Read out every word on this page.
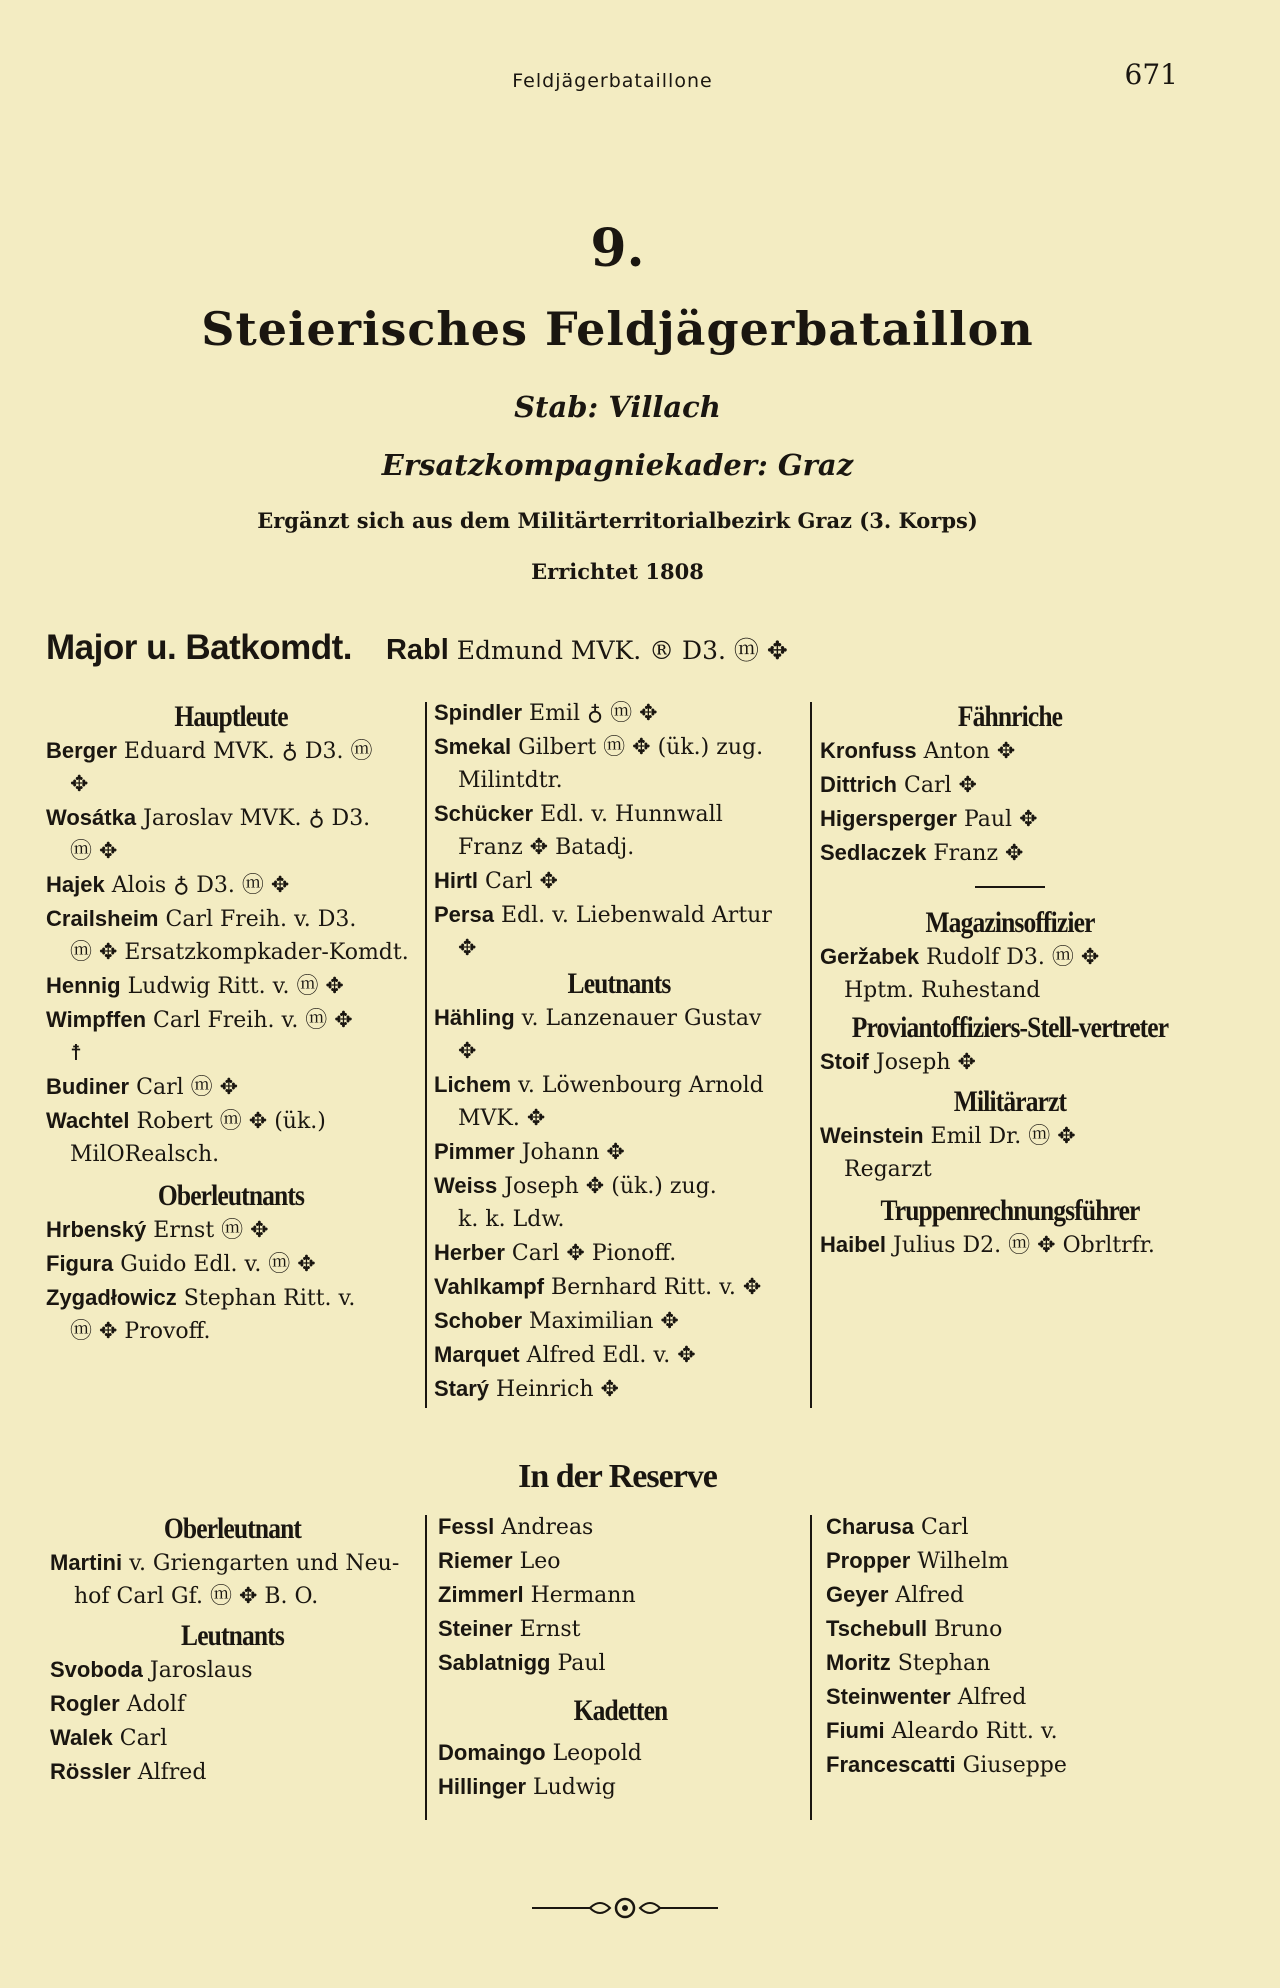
Feldjägerbataillone	671
9.
Steierisches Feldjägerbataillon
Stab: Villach
Ersatzkompagniekader: Graz
Ergänzt sich aus dem Militärterritorialbezirk Graz (3. Korps)
Errichtet 1808
Major u. Batkomdt. Rabl Edmund MVK. ® D3. ⓜ ✥
Hauptleute
Berger Eduard MVK. ♁ D3. ⓜ
✥
Wosátka Jaroslav MVK. ♁ D3.
ⓜ ✥
Hajek Alois ♁ D3. ⓜ ✥
Crailsheim Carl Freih. v. D3.
ⓜ ✥ Ersatzkompkader-Komdt.
Hennig Ludwig Ritt. v. ⓜ ✥
Wimpffen Carl Freih. v. ⓜ ✥
☨
Budiner Carl ⓜ ✥
Wachtel Robert ⓜ ✥ (ük.)
MilORealsch.
Oberleutnants
Hrbenský Ernst ⓜ ✥
Figura Guido Edl. v. ⓜ ✥
Zygadłowicz Stephan Ritt. v.
ⓜ ✥ Provoff.
Spindler Emil ♁ ⓜ ✥
Smekal Gilbert ⓜ ✥ (ük.) zug.
Milintdtr.
Schücker Edl. v. Hunnwall
Franz ✥ Batadj.
Hirtl Carl ✥
Persa Edl. v. Liebenwald Artur
✥
Leutnants
Hähling v. Lanzenauer Gustav
✥
Lichem v. Löwenbourg Arnold
MVK. ✥
Pimmer Johann ✥
Weiss Joseph ✥ (ük.) zug.
k. k. Ldw.
Herber Carl ✥ Pionoff.
Vahlkampf Bernhard Ritt. v. ✥
Schober Maximilian ✥
Marquet Alfred Edl. v. ✥
Starý Heinrich ✥
Fähnriche
Kronfuss Anton ✥
Dittrich Carl ✥
Higersperger Paul ✥
Sedlaczek Franz ✥
Magazinsoffizier
Geržabek Rudolf D3. ⓜ ✥
Hptm. Ruhestand
Proviantoffiziers-Stell-vertreter
Stoif Joseph ✥
Militärarzt
Weinstein Emil Dr. ⓜ ✥
Regarzt
Truppenrechnungsführer
Haibel Julius D2. ⓜ ✥ Obrltrfr.
In der Reserve
Oberleutnant
Martini v. Griengarten und Neu-
hof Carl Gf. ⓜ ✥ B. O.
Leutnants
Svoboda Jaroslaus
Rogler Adolf
Walek Carl
Rössler Alfred
Fessl Andreas
Riemer Leo
Zimmerl Hermann
Steiner Ernst
Sablatnigg Paul
Kadetten
Domaingo Leopold
Hillinger Ludwig
Charusa Carl
Propper Wilhelm
Geyer Alfred
Tschebull Bruno
Moritz Stephan
Steinwenter Alfred
Fiumi Aleardo Ritt. v.
Francescatti Giuseppe
